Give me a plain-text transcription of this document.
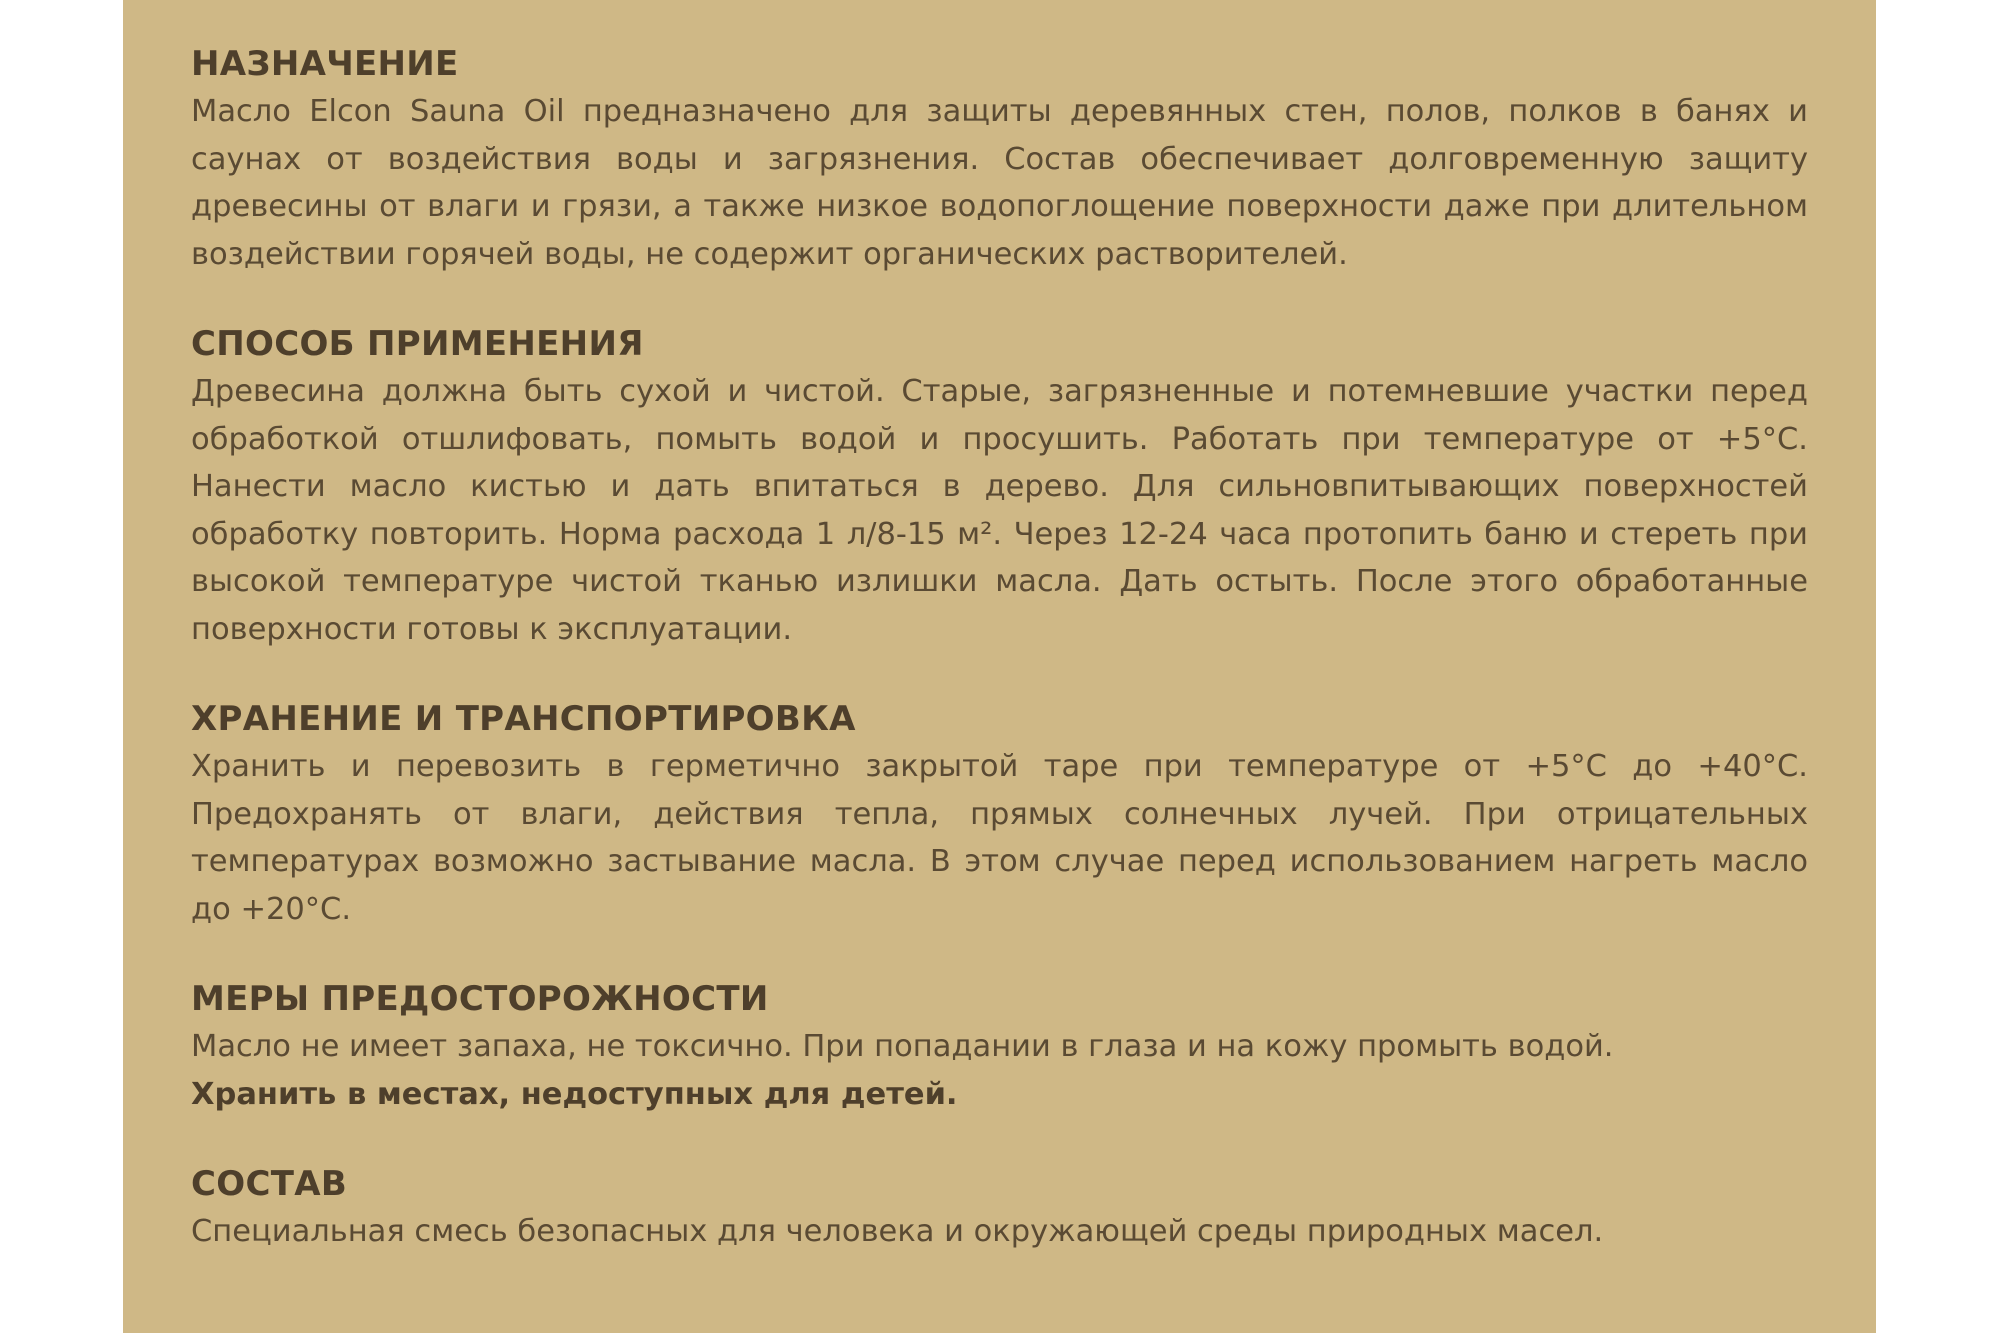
НАЗНАЧЕНИЕ
Масло Elcon Sauna Oil предназначено для защиты деревянных стен, полов, полков в банях и саунах от воздействия воды и загрязнения. Состав обеспечивает долговременную защиту древесины от влаги и грязи, а также низкое водопоглощение поверхности даже при длительном воздействии горячей воды, не содержит органических растворителей.
СПОСОБ ПРИМЕНЕНИЯ
Древесина должна быть сухой и чистой. Старые, загрязненные и потемневшие участки перед обработкой отшлифовать, помыть водой и просушить. Работать при температуре от +5°С. Нанести масло кистью и дать впитаться в дерево. Для сильновпитывающих поверхностей обработку повторить. Норма расхода 1 л/8-15 м². Через 12-24 часа протопить баню и стереть при высокой температуре чистой тканью излишки масла. Дать остыть. После этого обработанные поверхности готовы к эксплуатации.
ХРАНЕНИЕ И ТРАНСПОРТИРОВКА
Хранить и перевозить в герметично закрытой таре при температуре от +5°С до +40°С. Предохранять от влаги, действия тепла, прямых солнечных лучей. При отрицательных температурах возможно застывание масла. В этом случае перед использованием нагреть масло до +20°С.
МЕРЫ ПРЕДОСТОРОЖНОСТИ
Масло не имеет запаха, не токсично. При попадании в глаза и на кожу промыть водой.
Хранить в местах, недоступных для детей.
СОСТАВ
Специальная смесь безопасных для человека и окружающей среды природных масел.
